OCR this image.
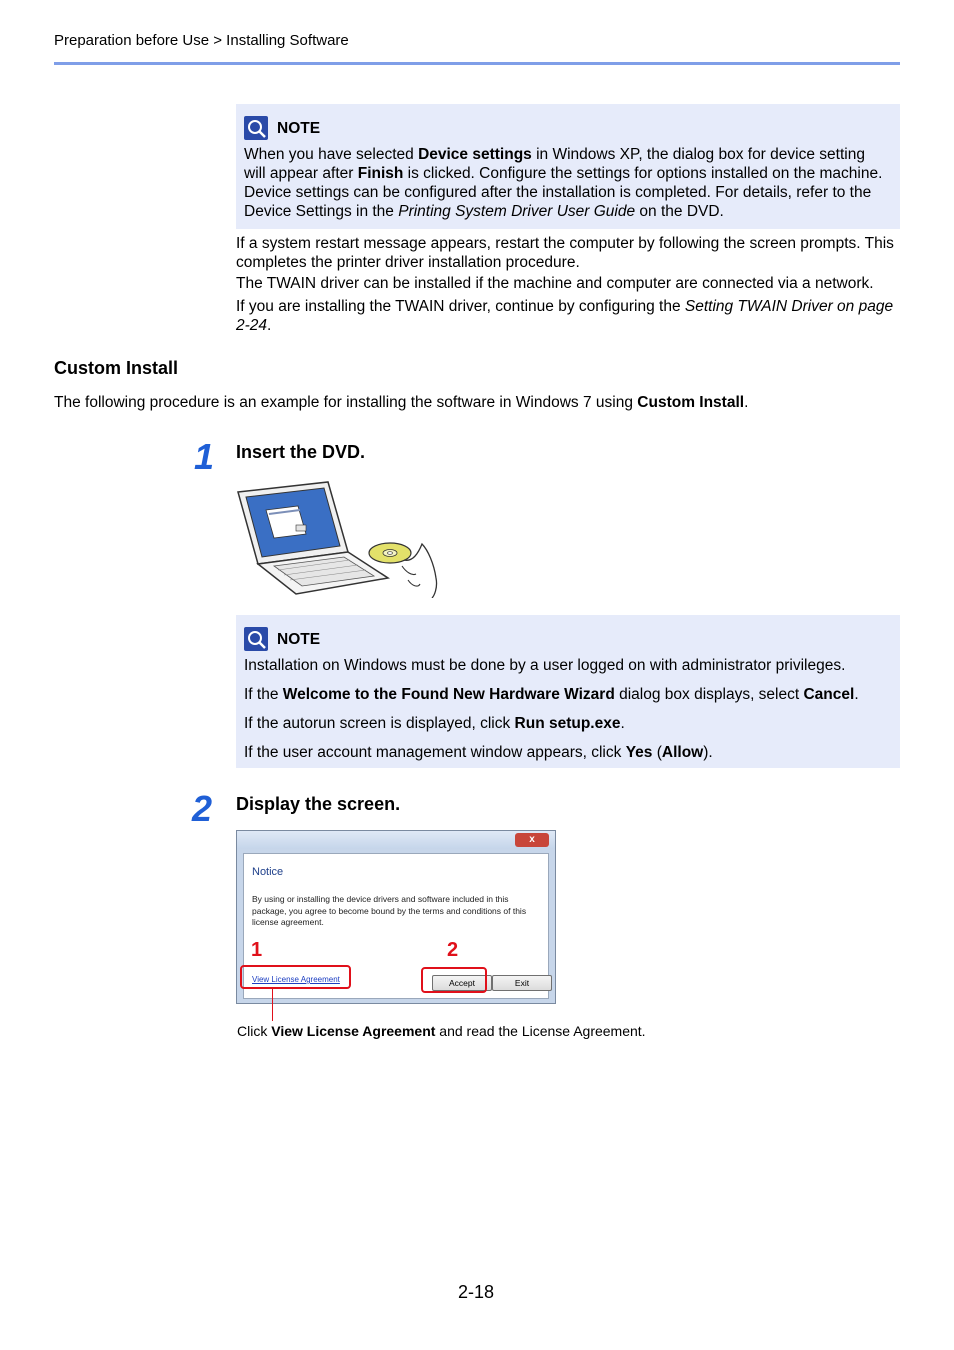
Preparation before Use > Installing Software
NOTE

When you have selected Device settings in Windows XP, the dialog box for device setting will appear after Finish is clicked. Configure the settings for options installed on the machine. Device settings can be configured after the installation is completed. For details, refer to the Device Settings in the Printing System Driver User Guide on the DVD.

If a system restart message appears, restart the computer by following the screen prompts. This completes the printer driver installation procedure.
The TWAIN driver can be installed if the machine and computer are connected via a network.
If you are installing the TWAIN driver, continue by configuring the Setting TWAIN Driver on page 2-24.
Custom Install
The following procedure is an example for installing the software in Windows 7 using Custom Install.
1 Insert the DVD.
NOTE

Installation on Windows must be done by a user logged on with administrator privileges.

If the Welcome to the Found New Hardware Wizard dialog box displays, select Cancel.

If the autorun screen is displayed, click Run setup.exe.

If the user account management window appears, click Yes (Allow).

2 Display the screen.
x
Notice
By using or installing the device drivers and software included in this package, you agree to become bound by the terms and conditions of this license agreement.
View License Agreement	Accept	Exit
1	2
Click View License Agreement and read the License Agreement.
2-18
